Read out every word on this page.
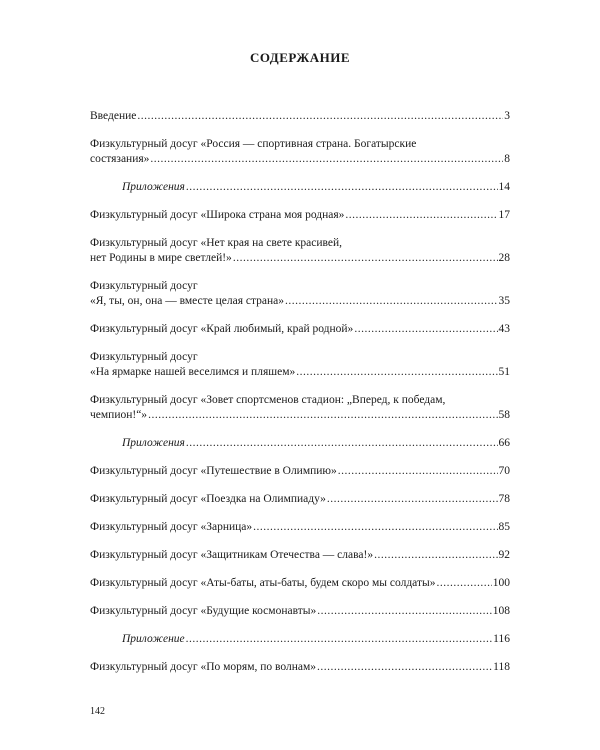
СОДЕРЖАНИЕ
Введение .....	3
Физкультурный досуг «Россия — спортивная страна. Богатырские
состязания» .....	8
Приложения .....	14
Физкультурный досуг «Широка страна моя родная» .....	17
Физкультурный досуг «Нет края на свете красивей,
нет Родины в мире светлей!» .....	28
Физкультурный досуг
«Я, ты, он, она — вместе целая страна» .....	35
Физкультурный досуг «Край любимый, край родной» .....	43
Физкультурный досуг
«На ярмарке нашей веселимся и пляшем» .....	51
Физкультурный досуг «Зовет спортсменов стадион: „Вперед, к победам,
чемпион!“» .....	58
Приложения .....	66
Физкультурный досуг «Путешествие в Олимпию» .....	70
Физкультурный досуг «Поездка на Олимпиаду» .....	78
Физкультурный досуг «Зарница» .....	85
Физкультурный досуг «Защитникам Отечества — слава!» .....	92
Физкультурный досуг «Аты-баты, аты-баты, будем скоро мы солдаты» .....	100
Физкультурный досуг «Будущие космонавты» .....	108
Приложение .....	116
Физкультурный досуг «По морям, по волнам» .....	118
142
